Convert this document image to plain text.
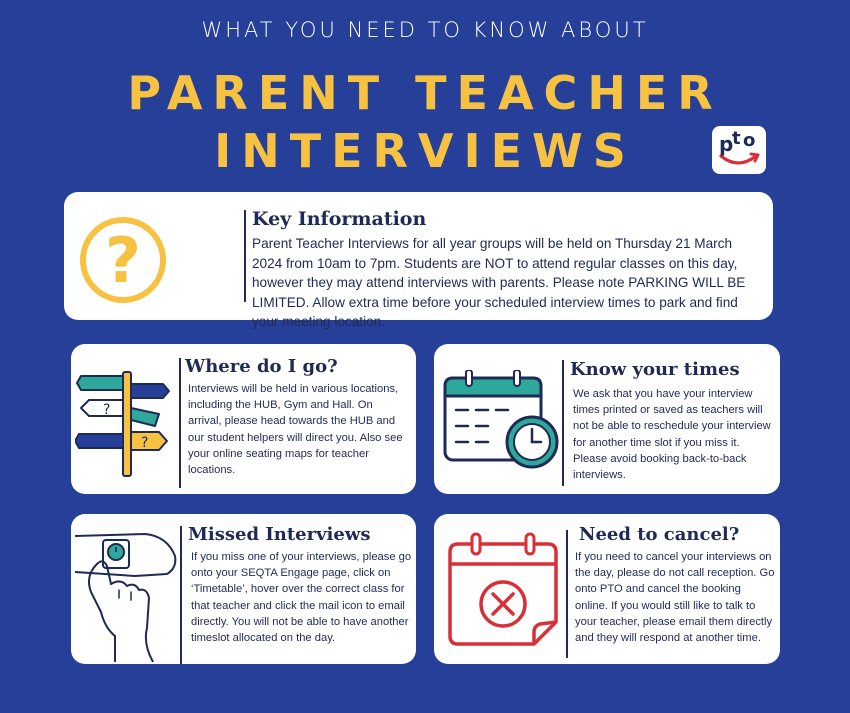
WHAT YOU NEED TO KNOW ABOUT
PARENT TEACHER
INTERVIEWS	p
t o
?
Key Information

Parent Teacher Interviews for all year groups will be held on Thursday 21 March 2024 from 10am to 7pm. Students are NOT to attend regular classes on this day, however they may attend interviews with parents. Please note PARKING WILL BE LIMITED. Allow extra time before your scheduled interview times to park and find your meeting location.

?
?
Where do I go?

Interviews will be held in various locations, including the HUB, Gym and Hall. On arrival, please head towards the HUB and our student helpers will direct you. Also see your online seating maps for teacher locations.

Know your times

We ask that you have your interview times printed or saved as teachers will not be able to reschedule your interview for another time slot if you miss it. Please avoid booking back-to-back interviews.

Missed Interviews

If you miss one of your interviews, please go onto your SEQTA Engage page, click on ‘Timetable’, hover over the correct class for that teacher and click the mail icon to email directly. You will not be able to have another timeslot allocated on the day.

Need to cancel?

If you need to cancel your interviews on the day, please do not call reception. Go onto PTO and cancel the booking online. If you would still like to talk to your teacher, please email them directly and they will respond at another time.
